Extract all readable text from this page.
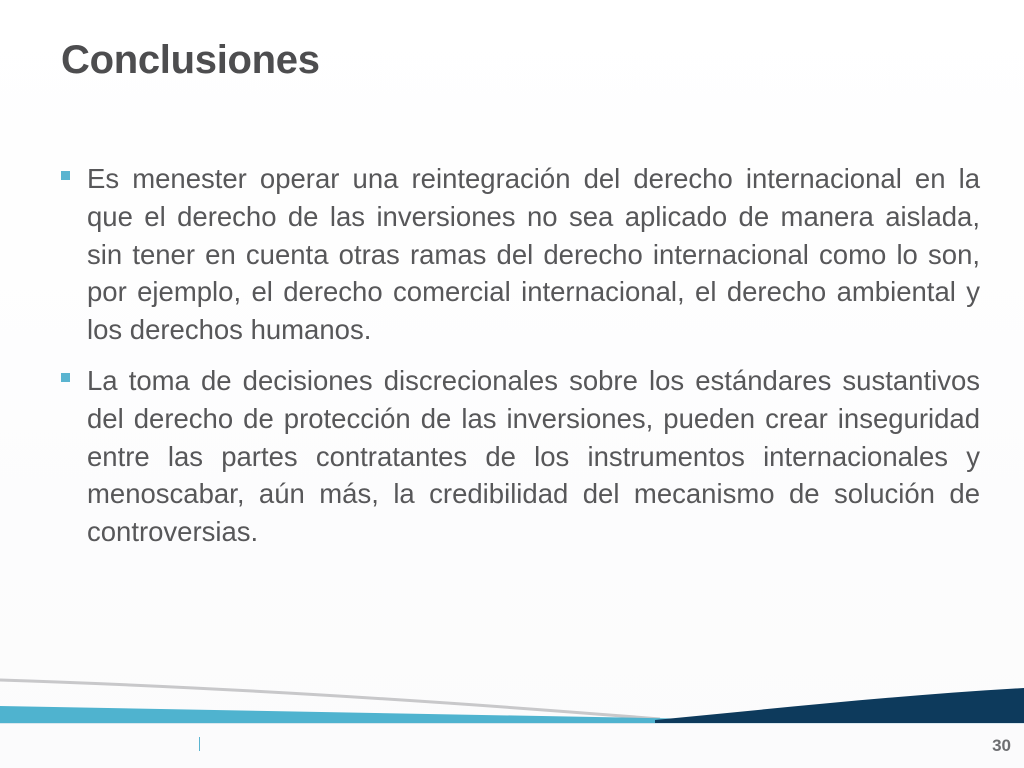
Conclusiones
Es menester operar una reintegración del derecho internacional en la que el derecho de las inversiones no sea aplicado de manera aislada, sin tener en cuenta otras ramas del derecho internacional como lo son, por ejemplo, el derecho comercial internacional, el derecho ambiental y los derechos humanos.
La toma de decisiones discrecionales sobre los estándares sustantivos del derecho de protección de las inversiones, pueden crear inseguridad entre las partes contratantes de los instrumentos internacionales y menoscabar, aún más, la credibilidad del mecanismo de solución de controversias.
30
